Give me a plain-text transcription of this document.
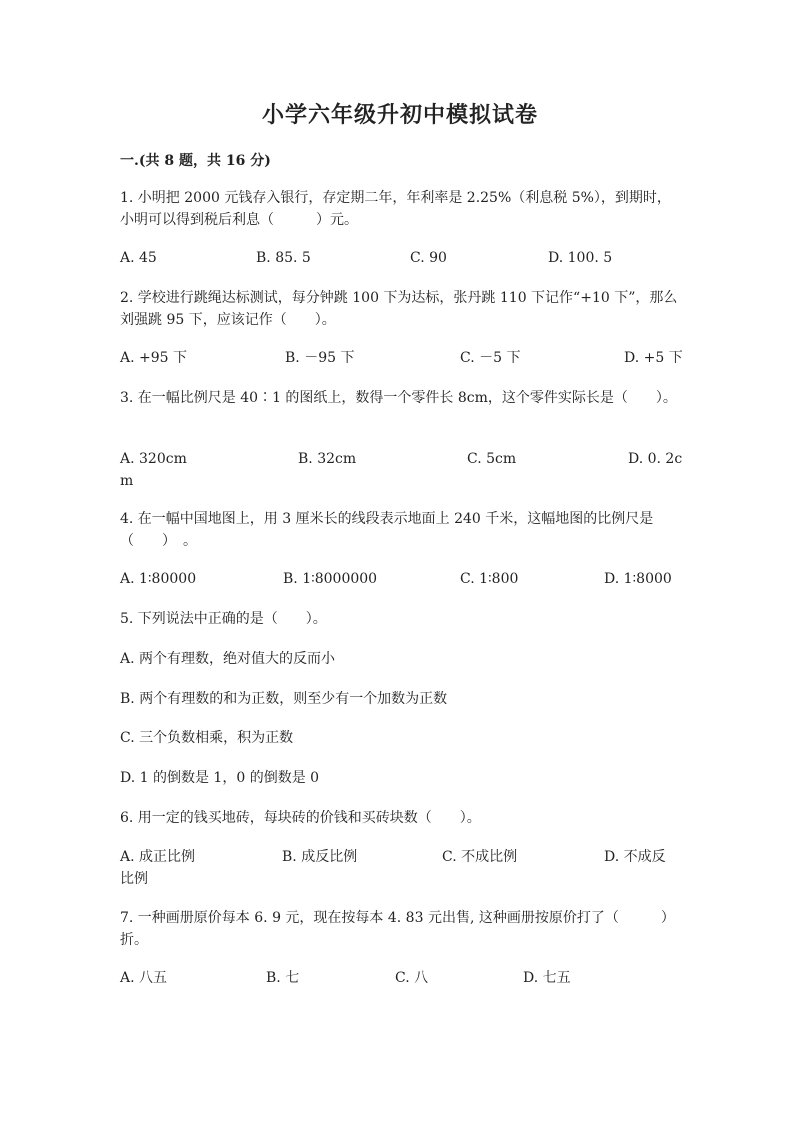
小学六年级升初中模拟试卷

一.(共 8 题，共 16 分)

1. 小明把 2000 元钱存入银行，存定期二年，年利率是 2.25%（利息税 5%），到期时，小明可以得到税后利息（　　　）元。

A. 45	B. 85. 5	C. 90	D. 100. 5

2. 学校进行跳绳达标测试，每分钟跳 100 下为达标，张丹跳 110 下记作“+10 下”，那么刘强跳 95 下，应该记作（　　）。

A. +95 下	B. －95 下	C. －5 下	D. +5 下

3. 在一幅比例尺是 40∶1 的图纸上，数得一个零件长 8cm，这个零件实际长是（　　）。

A. 320cm	B. 32cm	C. 5cm	D. 0. 2c
m

4. 在一幅中国地图上，用 3 厘米长的线段表示地面上 240 千米，这幅地图的比例尺是（　　）　。

A. 1∶80000	B. 1∶8000000	C. 1∶800	D. 1∶8000

5. 下列说法中正确的是（　　）。

A. 两个有理数，绝对值大的反而小

B. 两个有理数的和为正数，则至少有一个加数为正数

C. 三个负数相乘，积为正数

D. 1 的倒数是 1，0 的倒数是 0

6. 用一定的钱买地砖，每块砖的价钱和买砖块数（　　）。

A. 成正比例	B. 成反比例	C. 不成比例	D. 不成反
比例

7. 一种画册原价每本 6. 9 元，现在按每本 4. 83 元出售, 这种画册按原价打了（　　　）折。

A. 八五	B. 七	C. 八	D. 七五
